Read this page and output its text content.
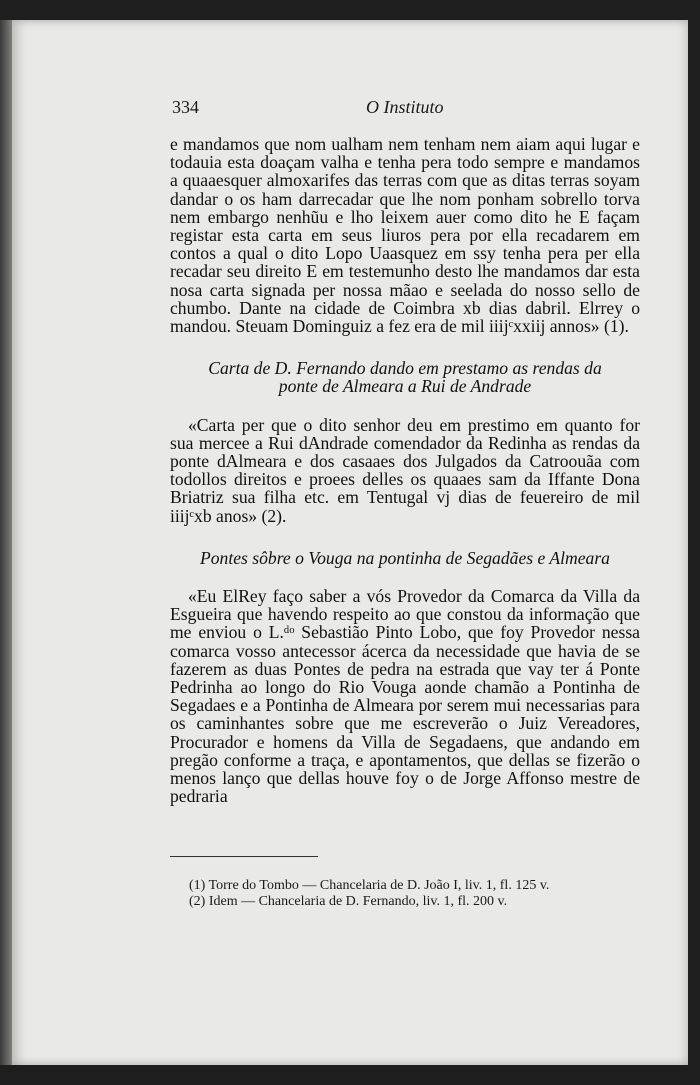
334	O Instituto

e mandamos que nom ualham nem tenham nem aiam aqui lugar e todauia esta doaçam valha e tenha pera todo sempre e mandamos a quaaesquer almoxarifes das terras com que as ditas terras soyam dandar o os ham darrecadar que lhe nom ponham sobrello torva nem embargo nenhũu e lho leixem auer como dito he E façam registar esta carta em seus liuros pera por ella recadarem em contos a qual o dito Lopo Uaasquez em ssy tenha pera per ella recadar seu direito E em testemunho desto lhe mandamos dar esta nosa carta signada per nossa mãao e seelada do nosso sello de chumbo. Dante na cidade de Coimbra xb dias dabril. Elrrey o mandou. Steuam Dominguiz a fez era de mil iiijᶜxxiij annos» (1).

Carta de D. Fernando dando em prestamo as rendas da ponte de Almeara a Rui de Andrade

«Carta per que o dito senhor deu em prestimo em quanto for sua mercee a Rui dAndrade comendador da Redinha as rendas da ponte dAlmeara e dos casaaes dos Julgados da Catroouãa com todollos direitos e proees delles os quaaes sam da Iffante Dona Briatriz sua filha etc. em Tentugal vj dias de feuereiro de mil iiijᶜxb anos» (2).

Pontes sôbre o Vouga na pontinha de Segadães e Almeara

«Eu ElRey faço saber a vós Provedor da Comarca da Villa da Esgueira que havendo respeito ao que constou da informação que me enviou o L.ᵈᵒ Sebastião Pinto Lobo, que foy Provedor nessa comarca vosso antecessor ácerca da necessidade que havia de se fazerem as duas Pontes de pedra na estrada que vay ter á Ponte Pedrinha ao longo do Rio Vouga aonde chamão a Pontinha de Segadaes e a Pontinha de Almeara por serem mui necessarias para os caminhantes sobre que me escreverão o Juiz Vereadores, Procurador e homens da Villa de Segadaens, que andando em pregão conforme a traça, e apontamentos, que dellas se fizerão o menos lanço que dellas houve foy o de Jorge Affonso mestre de pedraria

(1) Torre do Tombo — Chancelaria de D. João I, liv. 1, fl. 125 v.

(2) Idem — Chancelaria de D. Fernando, liv. 1, fl. 200 v.
